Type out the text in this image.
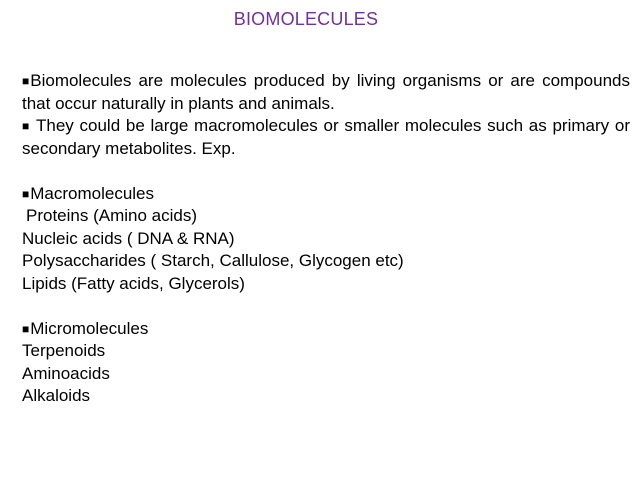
BIOMOLECULES
■Biomolecules are molecules produced by living organisms or are compounds that occur naturally in plants and animals.
■ They could be large macromolecules or smaller molecules such as primary or secondary metabolites. Exp.
■Macromolecules
Proteins (Amino acids)
Nucleic acids ( DNA & RNA)
Polysaccharides ( Starch, Callulose, Glycogen etc)
Lipids (Fatty acids, Glycerols)
■Micromolecules
Terpenoids
Aminoacids
Alkaloids
